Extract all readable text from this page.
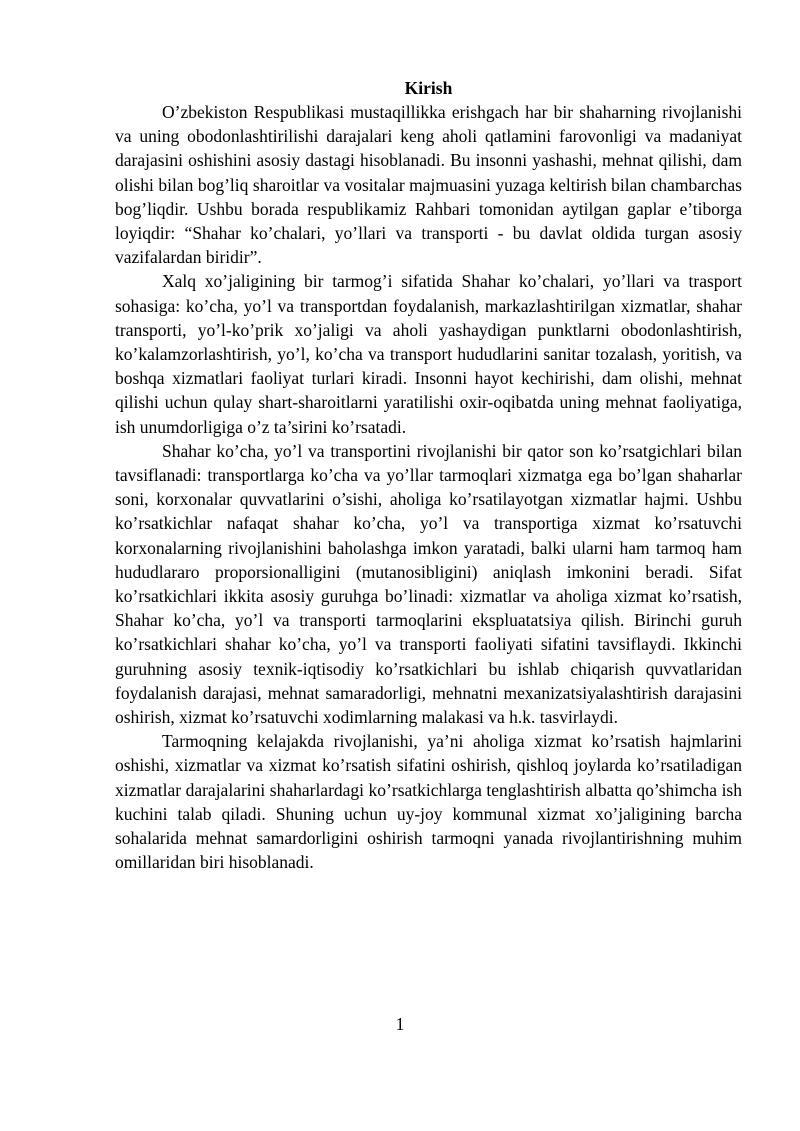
Kirish

O’zbekiston Respublikasi mustaqillikka erishgach har bir shaharning rivojlanishi va uning obodonlashtirilishi darajalari keng aholi qatlamini farovonligi va madaniyat darajasini oshishini asosiy dastagi hisoblanadi. Bu insonni yashashi, mehnat qilishi, dam olishi bilan bog’liq sharoitlar va vositalar majmuasini yuzaga keltirish bilan chambarchas bog’liqdir. Ushbu borada respublikamiz Rahbari tomonidan aytilgan gaplar e’tiborga loyiqdir: “Shahar ko’chalari, yo’llari va transporti - bu davlat oldida turgan asosiy vazifalardan biridir”.

Xalq xo’jaligining bir tarmog’i sifatida Shahar ko’chalari, yo’llari va trasport sohasiga: ko’cha, yo’l va transportdan foydalanish, markazlashtirilgan xizmatlar, shahar transporti, yo’l-ko’prik xo’jaligi va aholi yashaydigan punktlarni obodonlashtirish, ko’kalamzorlashtirish, yo’l, ko’cha va transport hududlarini sanitar tozalash, yoritish, va boshqa xizmatlari faoliyat turlari kiradi. Insonni hayot kechirishi, dam olishi, mehnat qilishi uchun qulay shart-sharoitlarni yaratilishi oxir-oqibatda uning mehnat faoliyatiga, ish unumdorligiga o’z ta’sirini ko’rsatadi.

Shahar ko’cha, yo’l va transportini rivojlanishi bir qator son ko’rsatgichlari bilan tavsiflanadi: transportlarga ko’cha va yo’llar tarmoqlari xizmatga ega bo’lgan shaharlar soni, korxonalar quvvatlarini o’sishi, aholiga ko’rsatilayotgan xizmatlar hajmi. Ushbu ko’rsatkichlar nafaqat shahar ko’cha, yo’l va transportiga xizmat ko’rsatuvchi korxonalarning rivojlanishini baholashga imkon yaratadi, balki ularni ham tarmoq ham hududlararo proporsionalligini (mutanosibligini) aniqlash imkonini beradi. Sifat ko’rsatkichlari ikkita asosiy guruhga bo’linadi: xizmatlar va aholiga xizmat ko’rsatish, Shahar ko’cha, yo’l va transporti tarmoqlarini ekspluatatsiya qilish. Birinchi guruh ko’rsatkichlari shahar ko’cha, yo’l va transporti faoliyati sifatini tavsiflaydi. Ikkinchi guruhning asosiy texnik-iqtisodiy ko’rsatkichlari bu ishlab chiqarish quvvatlaridan foydalanish darajasi, mehnat samaradorligi, mehnatni mexanizatsiyalashtirish darajasini oshirish, xizmat ko’rsatuvchi xodimlarning malakasi va h.k. tasvirlaydi.

Tarmoqning kelajakda rivojlanishi, ya’ni aholiga xizmat ko’rsatish hajmlarini oshishi, xizmatlar va xizmat ko’rsatish sifatini oshirish, qishloq joylarda ko’rsatiladigan xizmatlar darajalarini shaharlardagi ko’rsatkichlarga tenglashtirish albatta qo’shimcha ish kuchini talab qiladi. Shuning uchun uy-joy kommunal xizmat xo’jaligining barcha sohalarida mehnat samardorligini oshirish tarmoqni yanada rivojlantirishning muhim omillaridan biri hisoblanadi.

1
